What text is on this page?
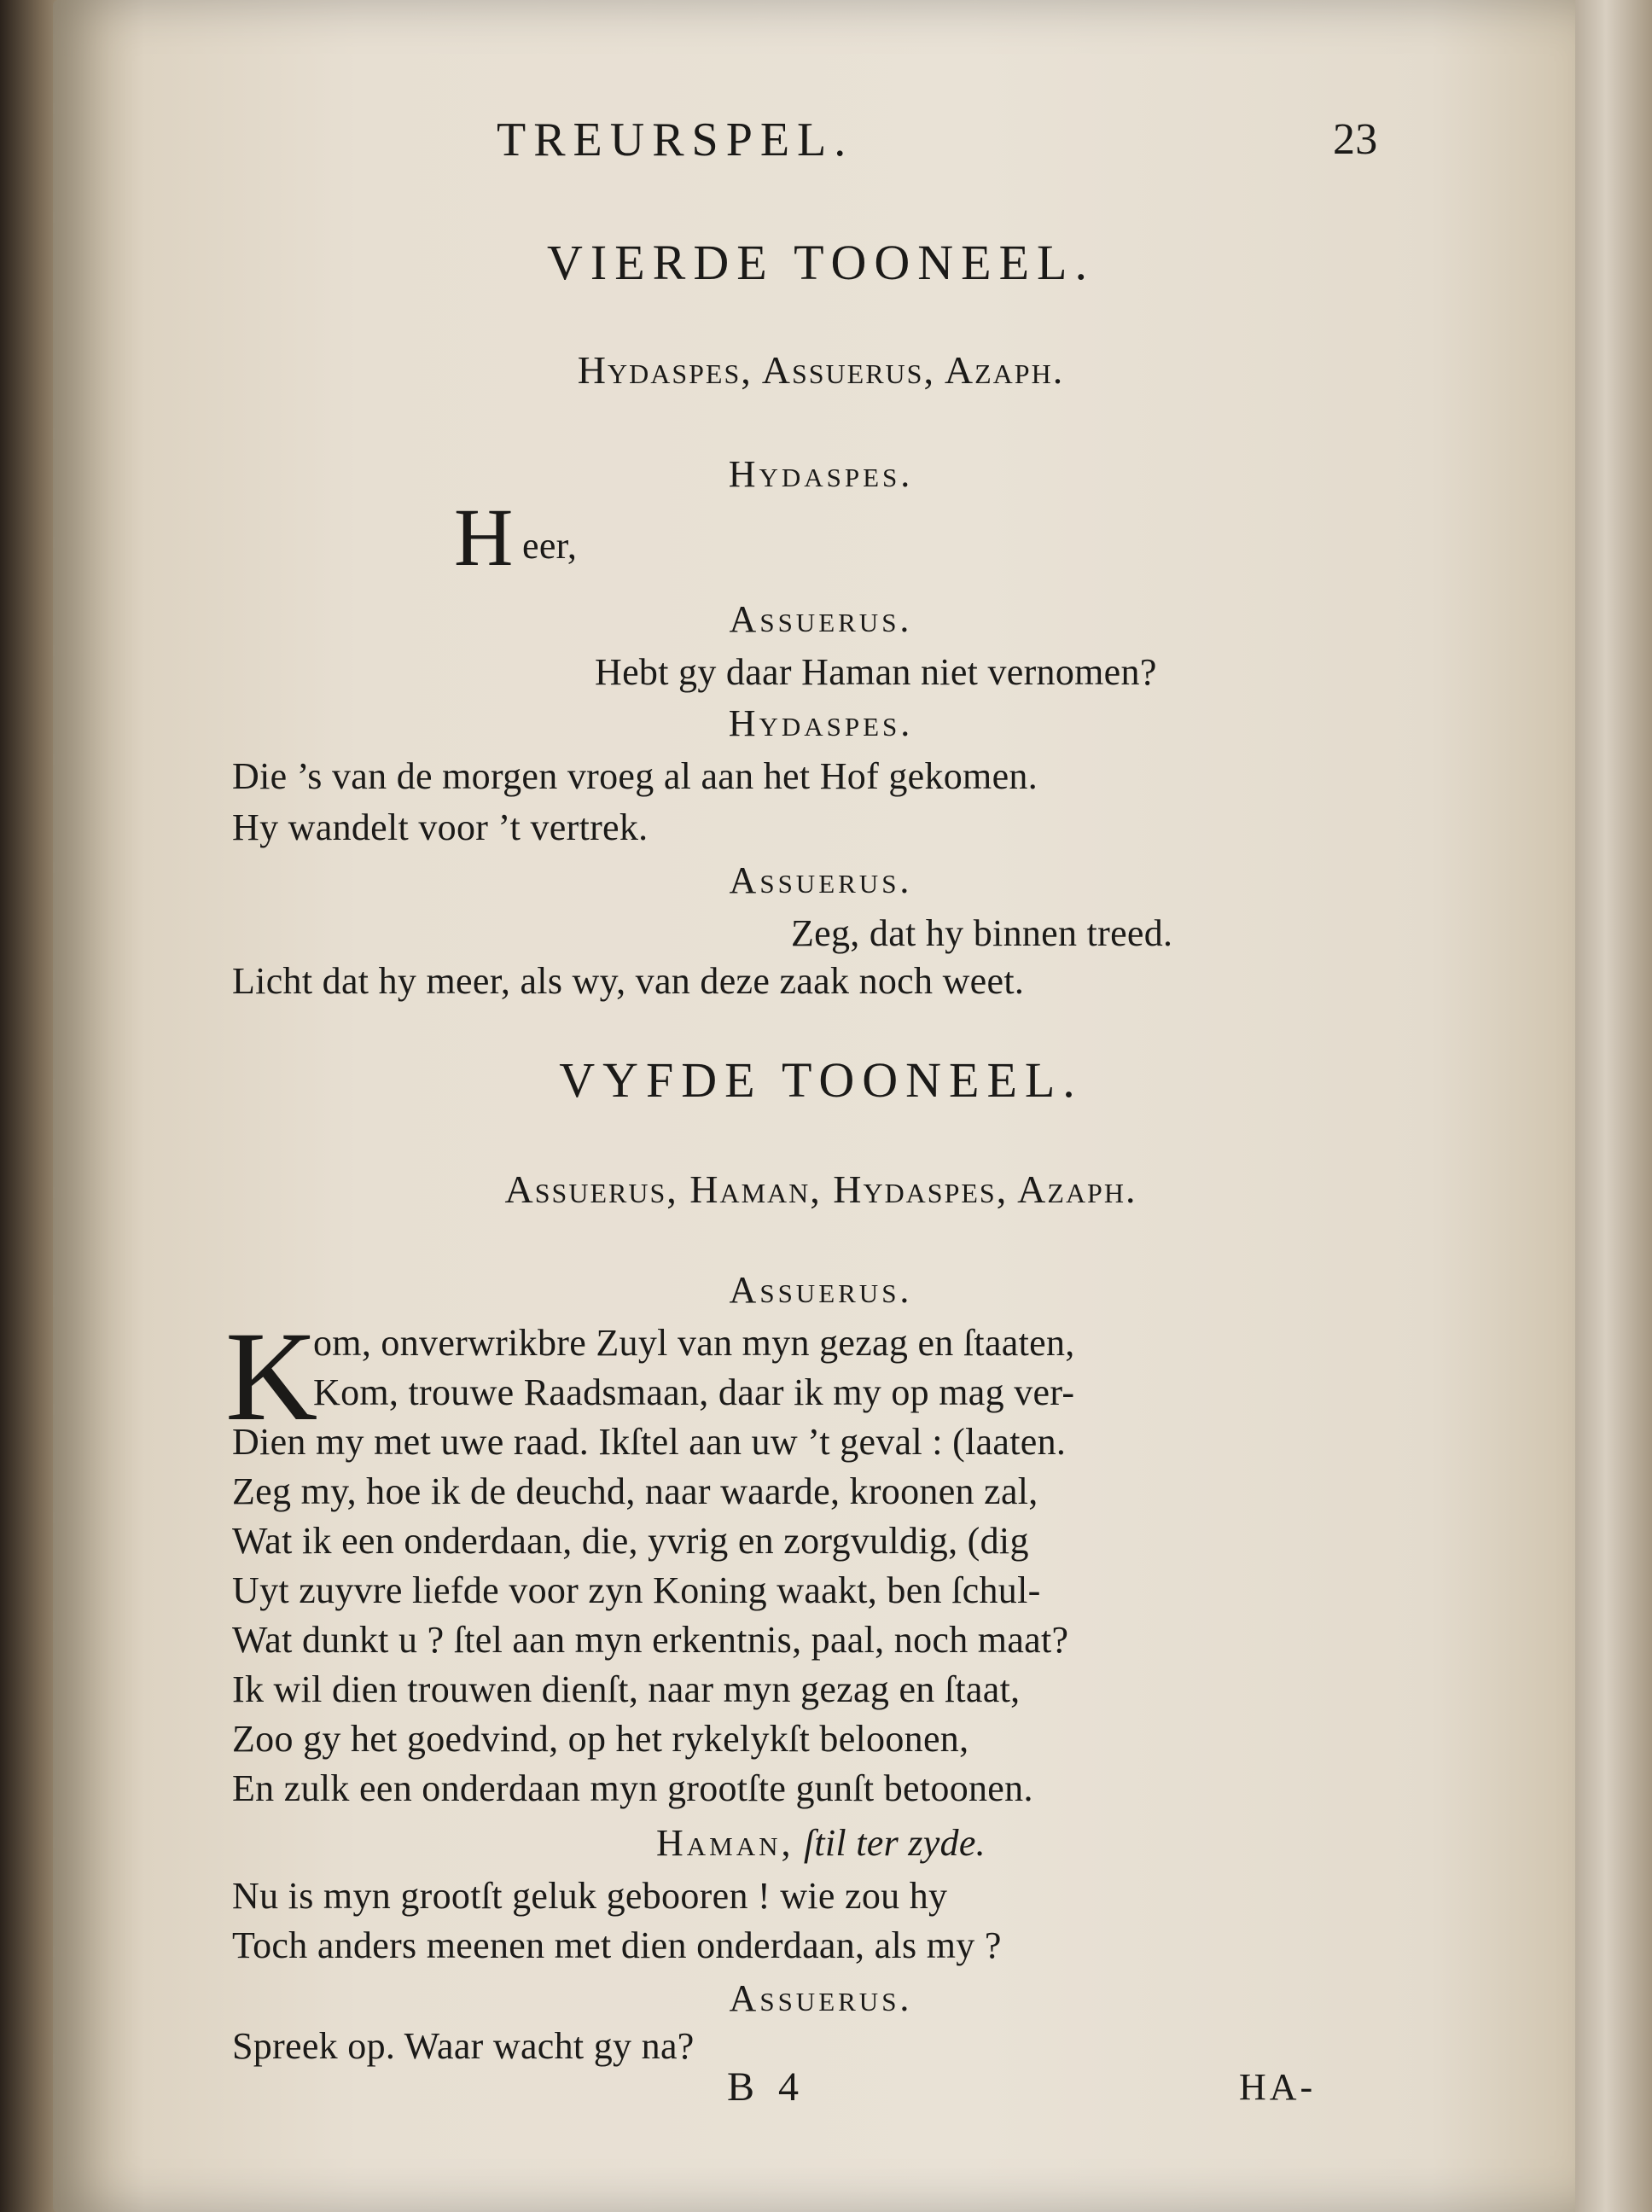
TREURSPEL.	23
VIERDE TOONEEL.
Hydaspes, Assuerus, Azaph.
Hydaspes.
H eer,
Assuerus.
Hebt gy daar Haman niet vernomen?
Hydaspes.
Die ’s van de morgen vroeg al aan het Hof gekomen.
Hy wandelt voor ’t vertrek.
Assuerus.
Zeg, dat hy binnen treed.
Licht dat hy meer, als wy, van deze zaak noch weet.
VYFDE TOONEEL.
Assuerus, Haman, Hydaspes, Azaph.
Assuerus.
K
om, onverwrikbre Zuyl van myn gezag en ſtaaten,
Kom, trouwe Raadsmaan, daar ik my op mag ver-
Dien my met uwe raad. Ikſtel aan uw ’t geval : (laaten.
Zeg my, hoe ik de deuchd, naar waarde, kroonen zal,
Wat ik een onderdaan, die, yvrig en zorgvuldig, (dig
Uyt zuyvre liefde voor zyn Koning waakt, ben ſchul-
Wat dunkt u ? ſtel aan myn erkentnis, paal, noch maat?
Ik wil dien trouwen dienſt, naar myn gezag en ſtaat,
Zoo gy het goedvind, op het rykelykſt beloonen,
En zulk een onderdaan myn grootſte gunſt betoonen.
Haman, ſtil ter zyde.
Nu is myn grootſt geluk gebooren ! wie zou hy
Toch anders meenen met dien onderdaan, als my ?
Assuerus.
Spreek op. Waar wacht gy na?
B 4	HA-
